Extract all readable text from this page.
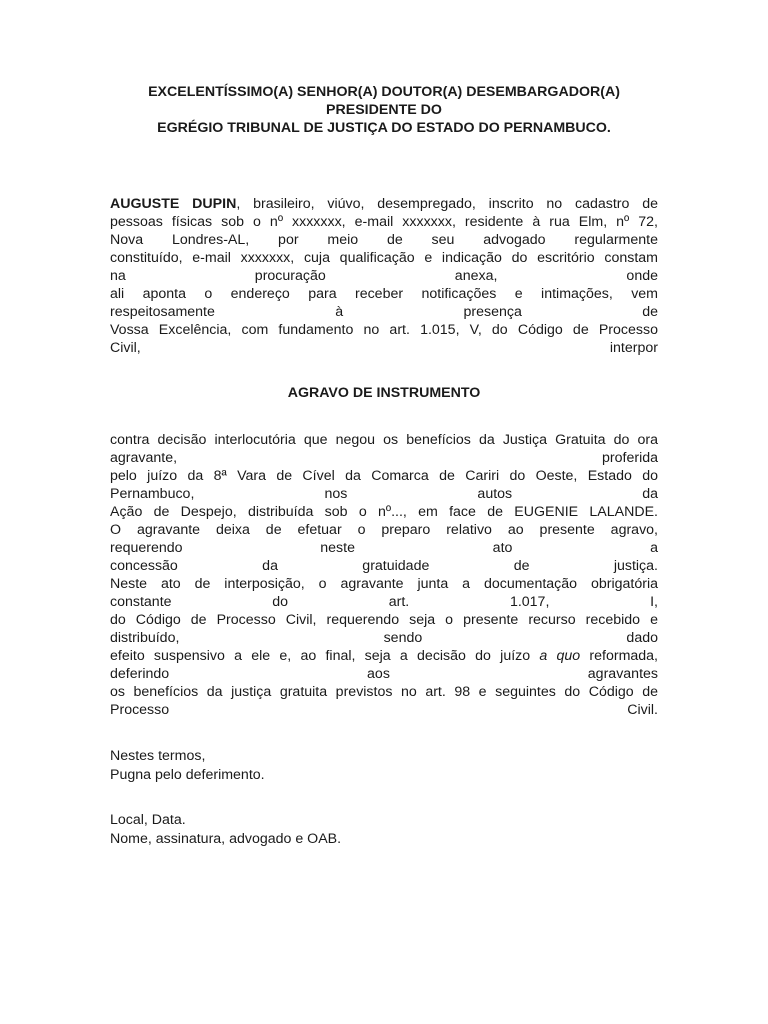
EXCELENTÍSSIMO(A) SENHOR(A) DOUTOR(A) DESEMBARGADOR(A)
PRESIDENTE DO
EGRÉGIO TRIBUNAL DE JUSTIÇA DO ESTADO DO PERNAMBUCO.
AUGUSTE DUPIN, brasileiro, viúvo, desempregado, inscrito no cadastro de
pessoas físicas sob o nº xxxxxxx, e-mail xxxxxxx, residente à rua Elm, nº 72,
Nova Londres-AL, por meio de seu advogado regularmente
constituído, e-mail xxxxxxx, cuja qualificação e indicação do escritório constam
na procuração anexa, onde
ali aponta o endereço para receber notificações e intimações, vem
respeitosamente à presença de
Vossa Excelência, com fundamento no art. 1.015, V, do Código de Processo
Civil, interpor
AGRAVO DE INSTRUMENTO
contra decisão interlocutória que negou os benefícios da Justiça Gratuita do ora
agravante, proferida
pelo juízo da 8ª Vara de Cível da Comarca de Cariri do Oeste, Estado do
Pernambuco, nos autos da
Ação de Despejo, distribuída sob o nº..., em face de EUGENIE LALANDE.
O agravante deixa de efetuar o preparo relativo ao presente agravo,
requerendo neste ato a
concessão da gratuidade de justiça.
Neste ato de interposição, o agravante junta a documentação obrigatória
constante do art. 1.017, I,
do Código de Processo Civil, requerendo seja o presente recurso recebido e
distribuído, sendo dado
efeito suspensivo a ele e, ao final, seja a decisão do juízo a quo reformada,
deferindo aos agravantes
os benefícios da justiça gratuita previstos no art. 98 e seguintes do Código de
Processo Civil.
Nestes termos,
Pugna pelo deferimento.
Local, Data.
Nome, assinatura, advogado e OAB.
